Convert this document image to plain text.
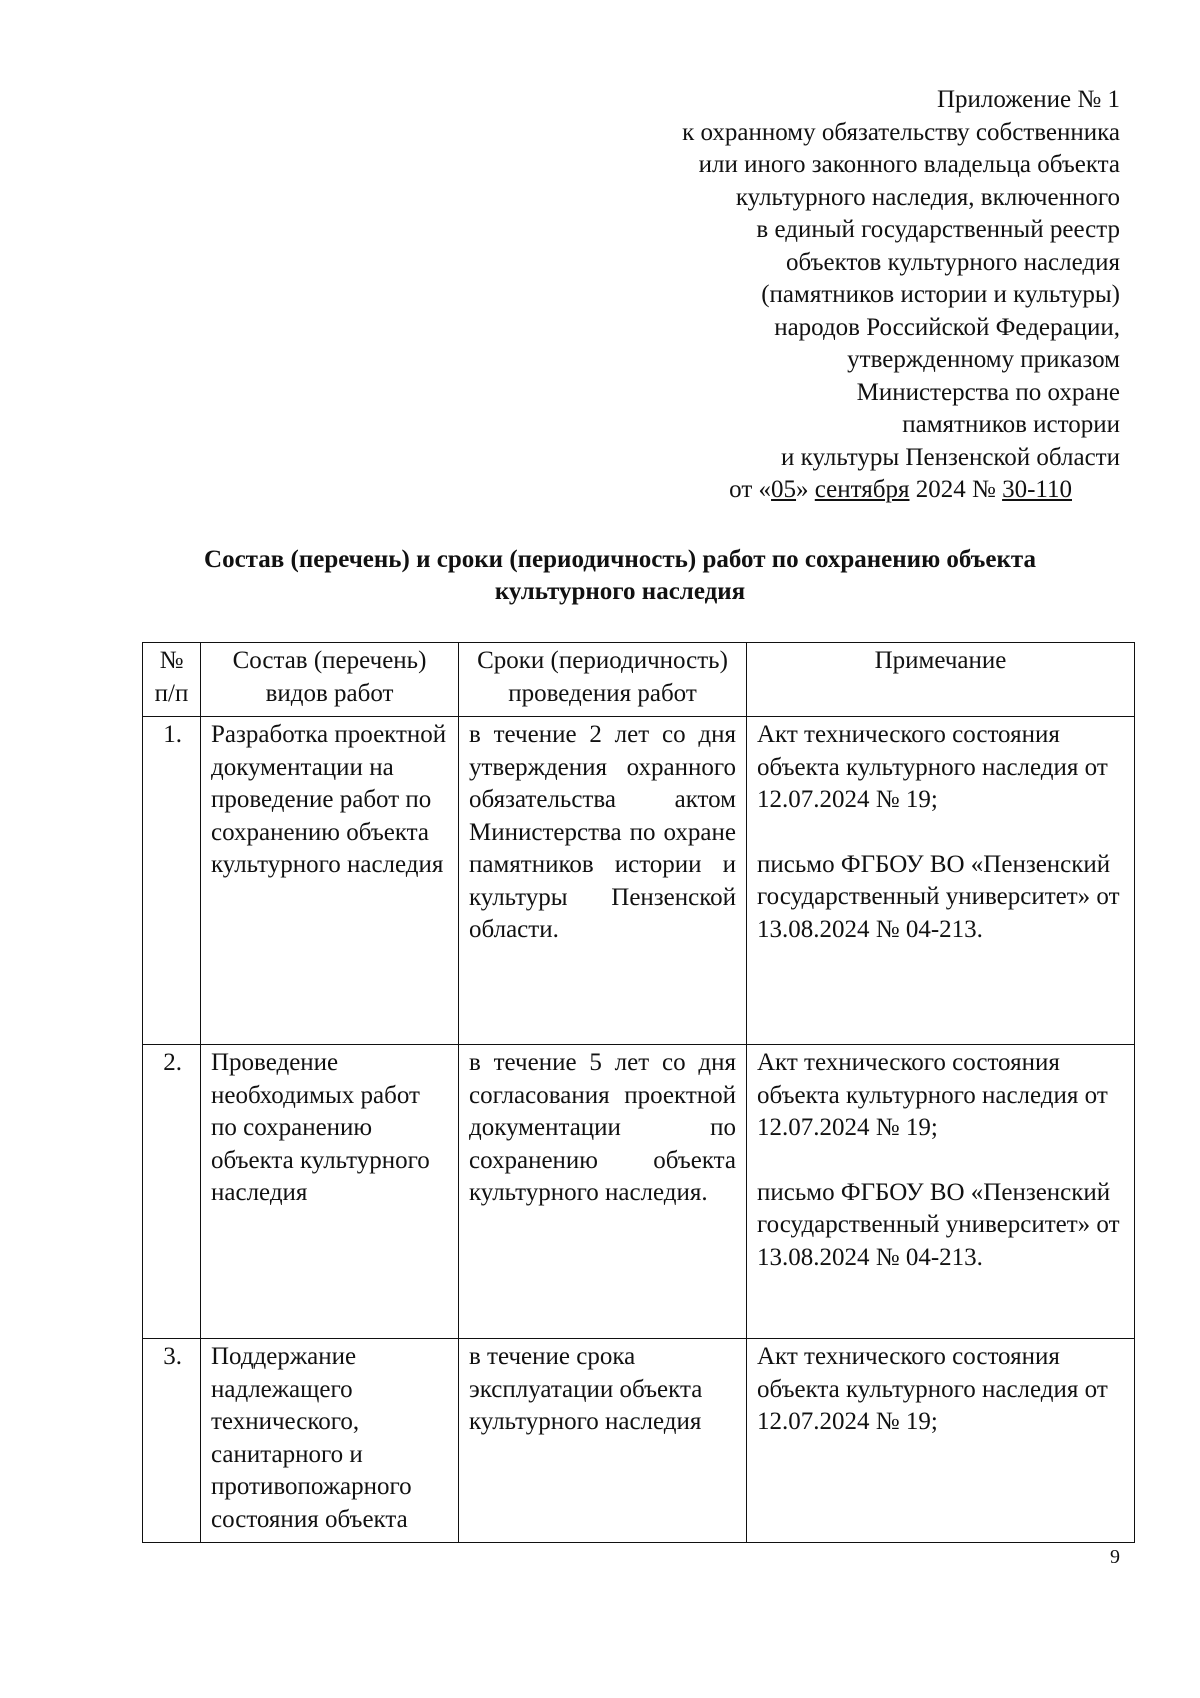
Приложение № 1
к охранному обязательству собственника
или иного законного владельца объекта
культурного наследия, включенного
в единый государственный реестр
объектов культурного наследия
(памятников истории и культуры)
народов Российской Федерации,
утвержденному приказом
Министерства по охране
памятников истории
и культуры Пензенской области
от «05» сентября 2024 № 30-110
Состав (перечень) и сроки (периодичность) работ по сохранению объекта
культурного наследия
№ п/п	Состав (перечень) видов работ	Сроки (периодичность) проведения работ	Примечание
1.	Разработка проектной документации на проведение работ по сохранению объекта культурного наследия	в течение 2 лет со дня утверждения охранного обязательства актом Министерства по охране памятников истории и культуры Пензенской области.	Акт технического состояния объекта культурного наследия от 12.07.2024 № 19;
письмо ФГБОУ ВО «Пензенский государственный университет» от 13.08.2024 № 04-213.
2.	Проведение необходимых работ по сохранению объекта культурного наследия	в течение 5 лет со дня согласования проектной документации по сохранению объекта культурного наследия.	Акт технического состояния объекта культурного наследия от 12.07.2024 № 19;
письмо ФГБОУ ВО «Пензенский государственный университет» от 13.08.2024 № 04-213.
3.	Поддержание надлежащего технического, санитарного и противопожарного состояния объекта	в течение срока эксплуатации объекта культурного наследия	Акт технического состояния объекта культурного наследия от 12.07.2024 № 19;
9
